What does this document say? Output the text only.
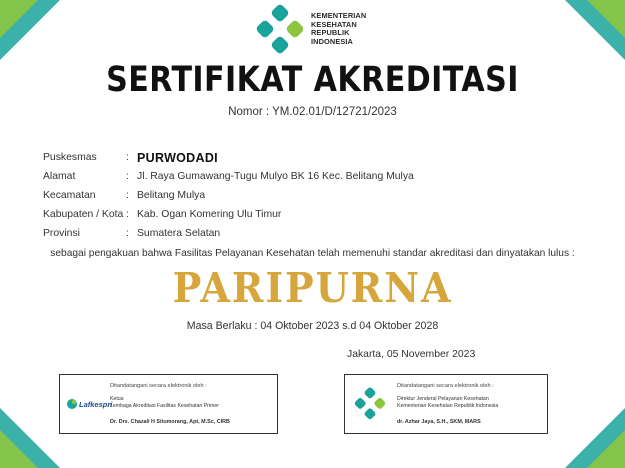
KEMENTERIAN
KESEHATAN
REPUBLIK
INDONESIA
SERTIFIKAT AKREDITASI
Nomor : YM.02.01/D/12721/2023
Puskesmas	: PURWODADI
Alamat	: Jl. Raya Gumawang-Tugu Mulyo BK 16 Kec. Belitang Mulya
Kecamatan	: Belitang Mulya
Kabupaten / Kota : Kab. Ogan Komering Ulu Timur
Provinsi	: Sumatera Selatan
sebagai pengakuan bahwa Fasilitas Pelayanan Kesehatan telah memenuhi standar akreditasi dan dinyatakan lulus :
PARIPURNA
Masa Berlaku : 04 Oktober 2023 s.d 04 Oktober 2028
Jakarta, 05 November 2023
Ditandatangani secara elektronik oleh :
Lafkespri
Ketua
Lembaga Akreditasi Fasilitas Kesehatan Primer
Dr. Drs. Chazali H Situmorang, Apt, M.Sc, CIRB
Ditandatangani secara elektronik oleh :
Direktur Jenderal Pelayanan Kesehatan
Kementerian Kesehatan Republik Indonesia
dr. Azhar Jaya, S.H., SKM, MARS
